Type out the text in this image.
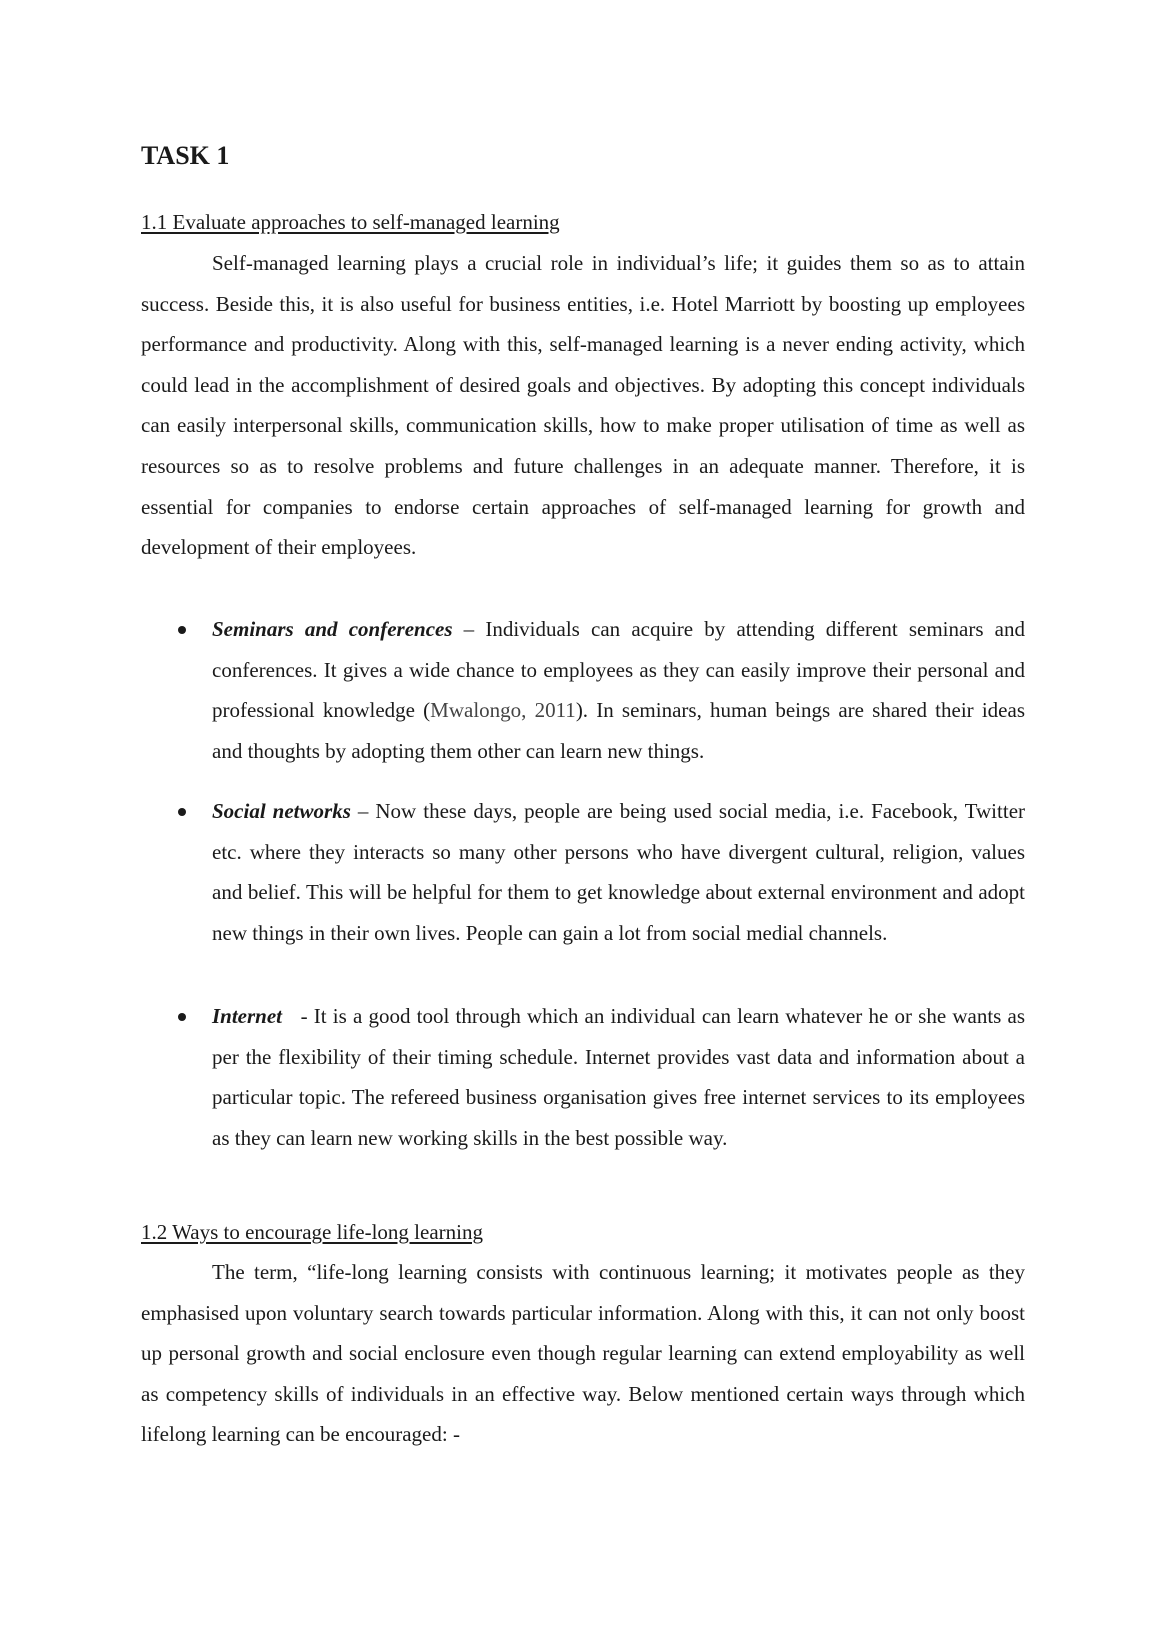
TASK 1
1.1 Evaluate approaches to self-managed learning

Self-managed learning plays a crucial role in individual’s life; it guides them so as to attain success. Beside this, it is also useful for business entities, i.e. Hotel Marriott by boosting up employees performance and productivity. Along with this, self-managed learning is a never ending activity, which could lead in the accomplishment of desired goals and objectives. By adopting this concept individuals can easily interpersonal skills, communication skills, how to make proper utilisation of time as well as resources so as to resolve problems and future challenges in an adequate manner. Therefore, it is essential for companies to endorse certain approaches of self-managed learning for growth and development of their employees.

Seminars and conferences – Individuals can acquire by attending different seminars and conferences. It gives a wide chance to employees as they can easily improve their personal and professional knowledge (Mwalongo, 2011). In seminars, human beings are shared their ideas and thoughts by adopting them other can learn new things.

Social networks – Now these days, people are being used social media, i.e. Facebook, Twitter etc. where they interacts so many other persons who have divergent cultural, religion, values and belief. This will be helpful for them to get knowledge about external environment and adopt new things in their own lives. People can gain a lot from social medial channels.

Internet   - It is a good tool through which an individual can learn whatever he or she wants as per the flexibility of their timing schedule. Internet provides vast data and information about a particular topic. The refereed business organisation gives free internet services to its employees as they can learn new working skills in the best possible way.

1.2 Ways to encourage life-long learning

The term, “life-long learning consists with continuous learning; it motivates people as they emphasised upon voluntary search towards particular information. Along with this, it can not only boost up personal growth and social enclosure even though regular learning can extend employability as well as competency skills of individuals in an effective way. Below mentioned certain ways through which lifelong learning can be encouraged: -
